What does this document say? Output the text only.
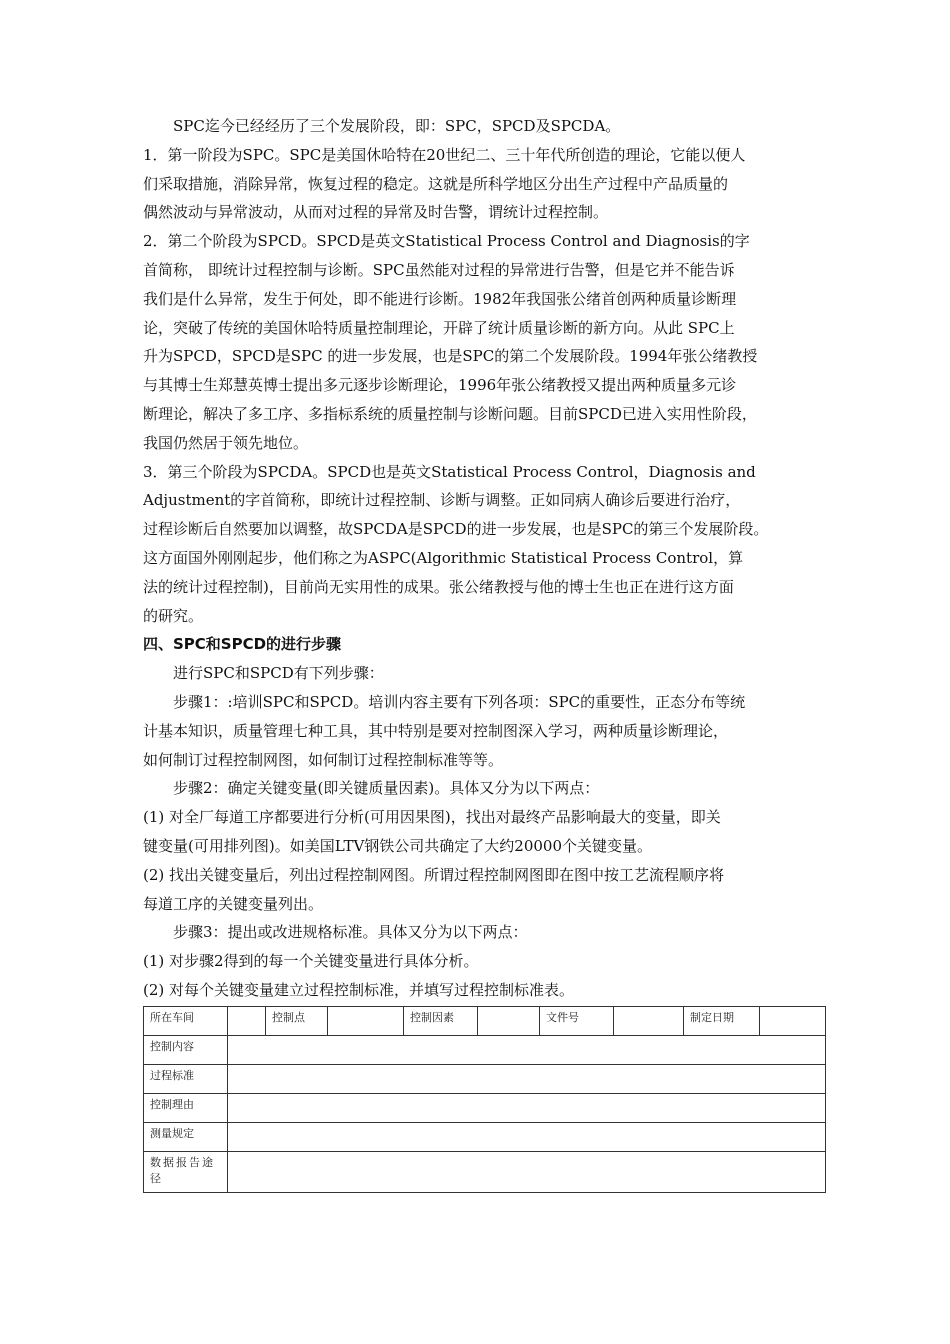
SPC迄今已经经历了三个发展阶段，即：SPC，SPCD及SPCDA。
1．第一阶段为SPC。SPC是美国休哈特在20世纪二、三十年代所创造的理论，它能以便人
们采取措施，消除异常，恢复过程的稳定。这就是所科学地区分出生产过程中产品质量的
偶然波动与异常波动，从而对过程的异常及时告警，谓统计过程控制。
2．第二个阶段为SPCD。SPCD是英文Statistical Process Control and Diagnosis的字
首简称， 即统计过程控制与诊断。SPC虽然能对过程的异常进行告警，但是它并不能告诉
我们是什么异常，发生于何处，即不能进行诊断。1982年我国张公绪首创两种质量诊断理
论，突破了传统的美国休哈特质量控制理论，开辟了统计质量诊断的新方向。从此 SPC上
升为SPCD，SPCD是SPC 的进一步发展，也是SPC的第二个发展阶段。1994年张公绪教授
与其博士生郑慧英博士提出多元逐步诊断理论，1996年张公绪教授又提出两种质量多元诊
断理论，解决了多工序、多指标系统的质量控制与诊断问题。目前SPCD已进入实用性阶段，
我国仍然居于领先地位。
3．第三个阶段为SPCDA。SPCD也是英文Statistical Process Control，Diagnosis and
Adjustment的字首简称，即统计过程控制、诊断与调整。正如同病人确诊后要进行治疗，
过程诊断后自然要加以调整，故SPCDA是SPCD的进一步发展，也是SPC的第三个发展阶段。
这方面国外刚刚起步，他们称之为ASPC(Algorithmic Statistical Process Control，算
法的统计过程控制)，目前尚无实用性的成果。张公绪教授与他的博士生也正在进行这方面
的研究。
四、SPC和SPCD的进行步骤
进行SPC和SPCD有下列步骤：
步骤1：:培训SPC和SPCD。培训内容主要有下列各项：SPC的重要性，正态分布等统
计基本知识，质量管理七种工具，其中特别是要对控制图深入学习，两种质量诊断理论，
如何制订过程控制网图，如何制订过程控制标准等等。
步骤2：确定关键变量(即关键质量因素)。具体又分为以下两点：
(1) 对全厂每道工序都要进行分析(可用因果图)，找出对最终产品影响最大的变量，即关
键变量(可用排列图)。如美国LTV钢铁公司共确定了大约20000个关键变量。
(2) 找出关键变量后，列出过程控制网图。所谓过程控制网图即在图中按工艺流程顺序将
每道工序的关键变量列出。
步骤3：提出或改进规格标准。具体又分为以下两点：
(1) 对步骤2得到的每一个关键变量进行具体分析。
(2) 对每个关键变量建立过程控制标准，并填写过程控制标准表。
所在车间		控制点		控制因素		文件号		制定日期	
控制内容									
过程标准									
控制理由									
测量规定									
数据报告途径									
